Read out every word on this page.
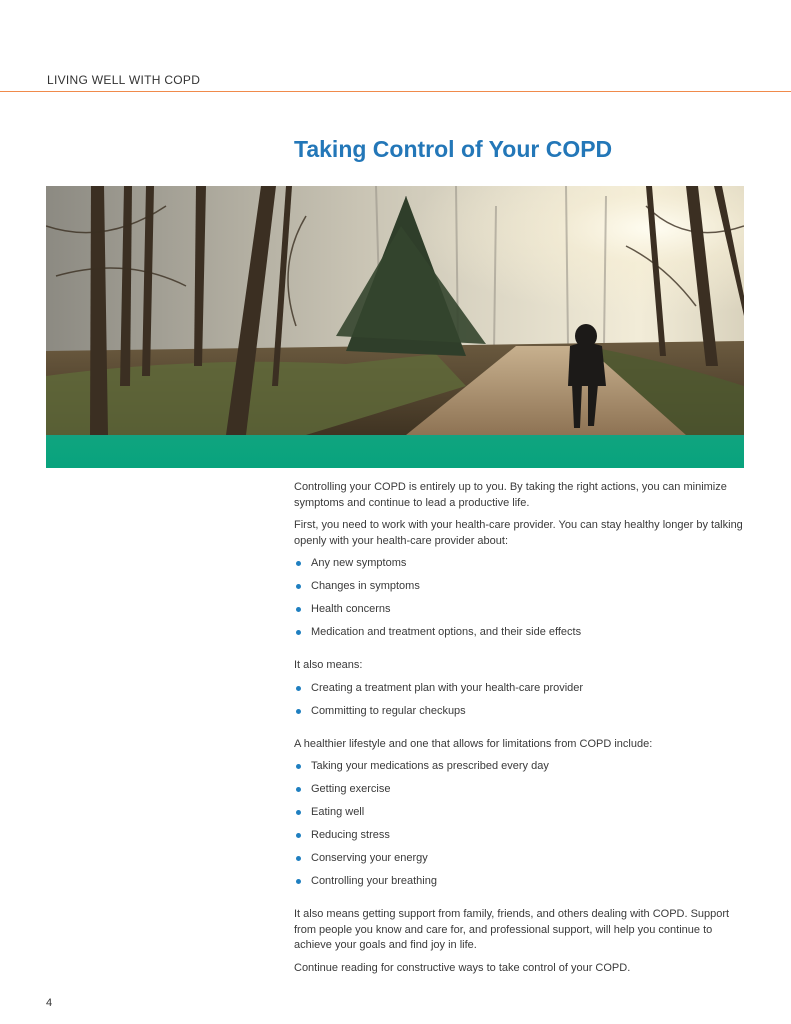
LIVING WELL WITH COPD
Taking Control of Your COPD

Controlling your COPD is entirely up to you. By taking the right actions, you can minimize symptoms and continue to lead a productive life.

First, you need to work with your health-care provider. You can stay healthy longer by talking openly with your health-care provider about:

Any new symptoms
Changes in symptoms
Health concerns
Medication and treatment options, and their side effects

It also means:

Creating a treatment plan with your health-care provider
Committing to regular checkups

A healthier lifestyle and one that allows for limitations from COPD include:

Taking your medications as prescribed every day
Getting exercise
Eating well
Reducing stress
Conserving your energy
Controlling your breathing

It also means getting support from family, friends, and others dealing with COPD. Support from people you know and care for, and professional support, will help you continue to achieve your goals and find joy in life.

Continue reading for constructive ways to take control of your COPD.

4
